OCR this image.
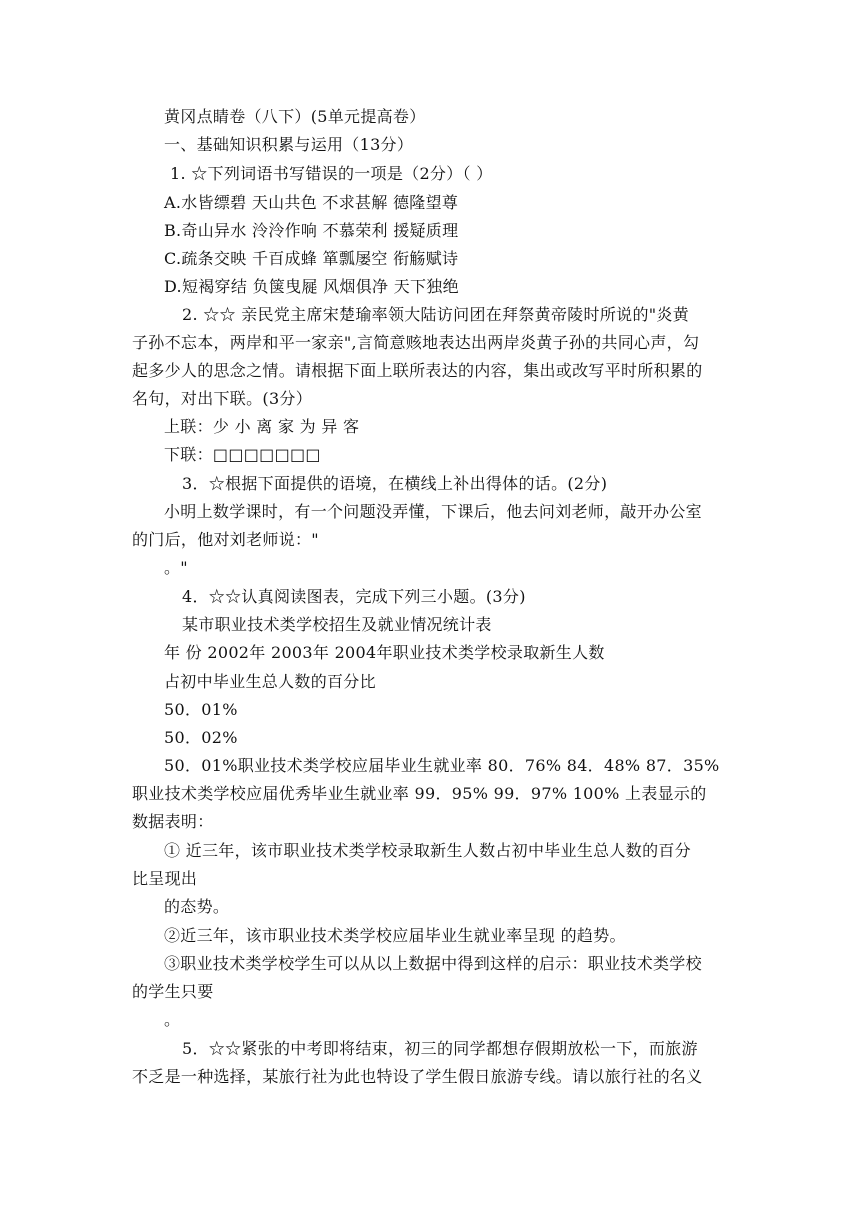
黄冈点睛卷（八下）(5单元提高卷）
一、基础知识积累与运用（13分）
1. ☆下列词语书写错误的一项是（2分）（ ）
A.水皆缥碧 天山共色 不求甚解 德隆望尊
B.奇山异水 泠泠作响 不慕荣利 援疑质理
C.疏条交映 千百成蜂 箪瓢屡空 衔觞赋诗
D.短褐穿结 负箧曳屣 风烟俱净 天下独绝
2. ☆☆ 亲民党主席宋楚瑜率领大陆访问团在拜祭黄帝陵时所说的"炎黄
子孙不忘本，两岸和平一家亲",言简意赅地表达出两岸炎黄子孙的共同心声，勾
起多少人的思念之情。请根据下面上联所表达的内容，集出或改写平时所积累的
名句，对出下联。(3分）
上联：少 小 离 家 为 异 客
下联：□□□□□□□
3．☆根据下面提供的语境，在横线上补出得体的话。(2分)
小明上数学课时，有一个问题没弄懂，下课后，他去问刘老师，敲开办公室
的门后，他对刘老师说："
。"
4．☆☆认真阅读图表，完成下列三小题。(3分)
某市职业技术类学校招生及就业情况统计表
年 份 2002年 2003年 2004年职业技术类学校录取新生人数
占初中毕业生总人数的百分比
50．01%
50．02%
50．01%职业技术类学校应届毕业生就业率 80．76% 84．48% 87．35%
职业技术类学校应届优秀毕业生就业率 99．95% 99．97% 100% 上表显示的
数据表明：
① 近三年，该市职业技术类学校录取新生人数占初中毕业生总人数的百分
比呈现出
的态势。
②近三年，该市职业技术类学校应届毕业生就业率呈现 的趋势。
③职业技术类学校学生可以从以上数据中得到这样的启示：职业技术类学校
的学生只要
。
5．☆☆紧张的中考即将结束，初三的同学都想存假期放松一下，而旅游
不乏是一种选择，某旅行社为此也特设了学生假日旅游专线。请以旅行社的名义
